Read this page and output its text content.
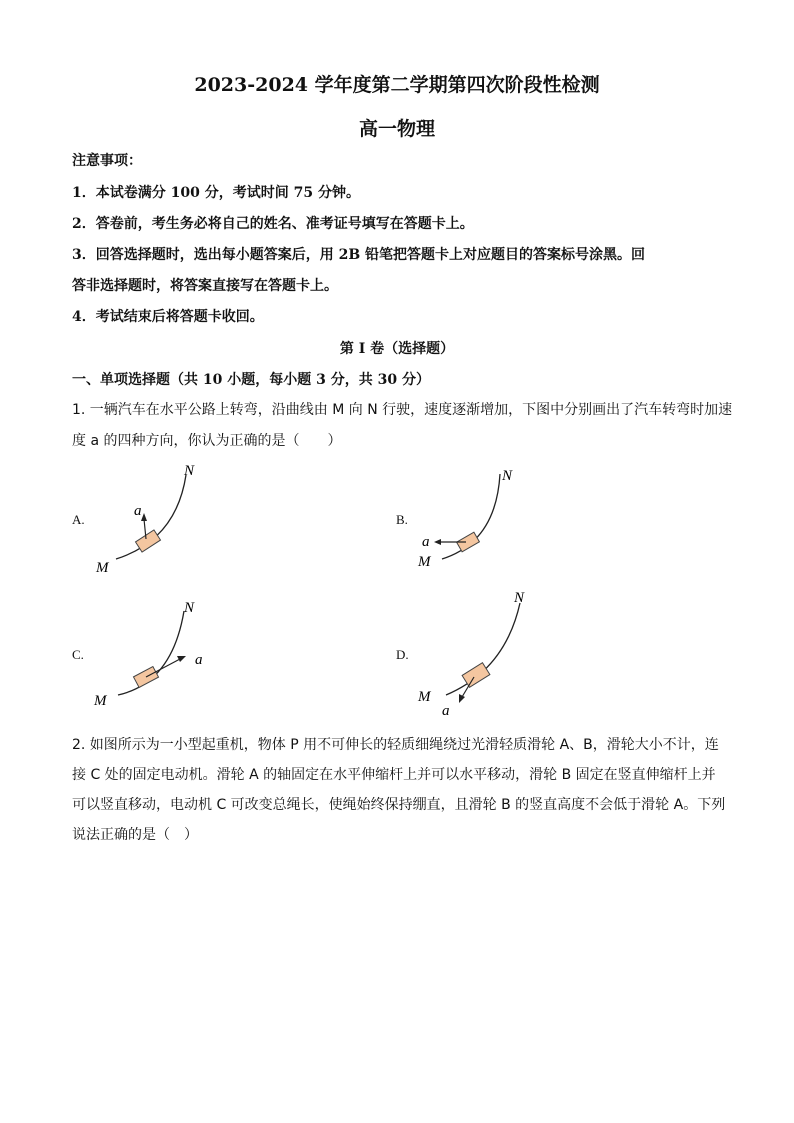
2023-2024 学年度第二学期第四次阶段性检测
高一物理
注意事项：
1．本试卷满分 100 分，考试时间 75 分钟。
2．答卷前，考生务必将自己的姓名、准考证号填写在答题卡上。
3．回答选择题时，选出每小题答案后，用 2B 铅笔把答题卡上对应题目的答案标号涂黑。回
答非选择题时，将答案直接写在答题卡上。
4．考试结束后将答题卡收回。
第 I 卷（选择题）
一、单项选择题（共 10 小题，每小题 3 分，共 30 分）
1. 一辆汽车在水平公路上转弯，沿曲线由 M 向 N 行驶，速度逐渐增加，下图中分别画出了汽车转弯时加速
度 a 的四种方向，你认为正确的是（　　）
A.
a
M
N
B.
a
M
N
C.	a
M
N
D.
a
M
N
2. 如图所示为一小型起重机，物体 P 用不可伸长的轻质细绳绕过光滑轻质滑轮 A、B，滑轮大小不计，连
接 C 处的固定电动机。滑轮 A 的轴固定在水平伸缩杆上并可以水平移动，滑轮 B 固定在竖直伸缩杆上并
可以竖直移动，电动机 C 可改变总绳长，使绳始终保持绷直，且滑轮 B 的竖直高度不会低于滑轮 A。下列
说法正确的是（　）
